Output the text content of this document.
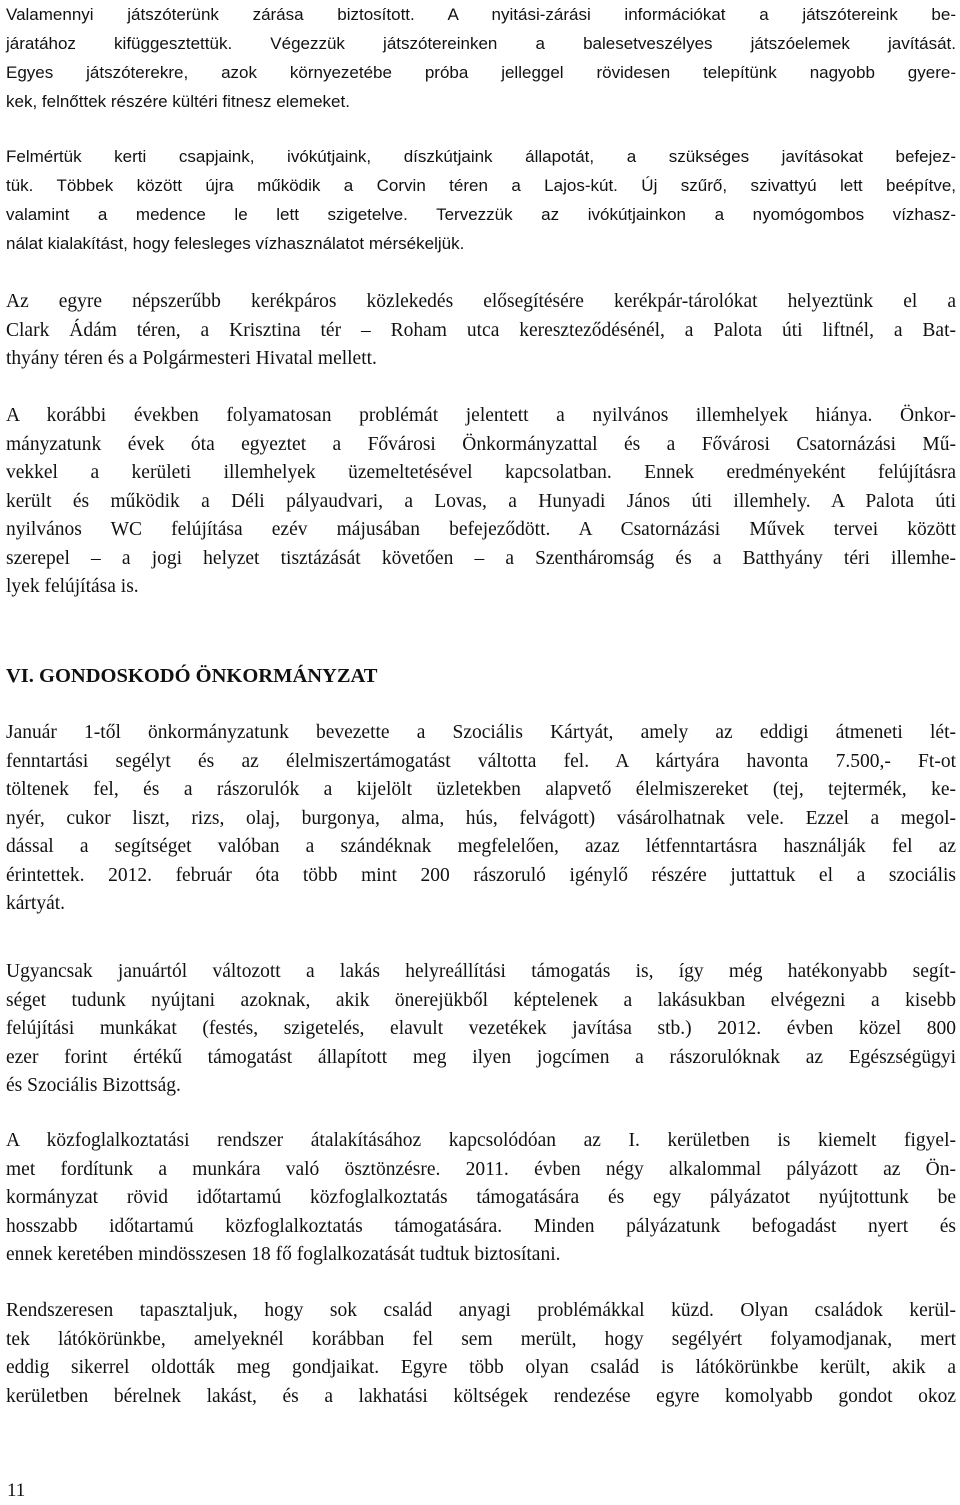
Valamennyi játszóterünk zárása biztosított. A nyitási-zárási információkat a játszótereink be-
járatához kifüggesztettük. Végezzük játszótereinken a balesetveszélyes játszóelemek javítását.
Egyes játszóterekre, azok környezetébe próba jelleggel rövidesen telepítünk nagyobb gyere-
kek, felnőttek részére kültéri fitnesz elemeket.

Felmértük kerti csapjaink, ivókútjaink, díszkútjaink állapotát, a szükséges javításokat befejez-
tük. Többek között újra működik a Corvin téren a Lajos-kút. Új szűrő, szivattyú lett beépítve,
valamint a medence le lett szigetelve. Tervezzük az ivókútjainkon a nyomógombos vízhasz-
nálat kialakítást, hogy felesleges vízhasználatot mérsékeljük.

Az egyre népszerűbb kerékpáros közlekedés elősegítésére kerékpár-tárolókat helyeztünk el a
Clark Ádám téren, a Krisztina tér – Roham utca kereszteződésénél, a Palota úti liftnél, a Bat-
thyány téren és a Polgármesteri Hivatal mellett.

A korábbi években folyamatosan problémát jelentett a nyilvános illemhelyek hiánya. Önkor-
mányzatunk évek óta egyeztet a Fővárosi Önkormányzattal és a Fővárosi Csatornázási Mű-
vekkel a kerületi illemhelyek üzemeltetésével kapcsolatban. Ennek eredményeként felújításra
került és működik a Déli pályaudvari, a Lovas, a Hunyadi János úti illemhely. A Palota úti
nyilvános WC felújítása ezév májusában befejeződött. A Csatornázási Művek tervei között
szerepel – a jogi helyzet tisztázását követően – a Szentháromság és a Batthyány téri illemhe-
lyek felújítása is.

VI. GONDOSKODÓ ÖNKORMÁNYZAT

Január 1-től önkormányzatunk bevezette a Szociális Kártyát, amely az eddigi átmeneti lét-
fenntartási segélyt és az élelmiszertámogatást váltotta fel. A kártyára havonta 7.500,- Ft-ot
töltenek fel, és a rászorulók a kijelölt üzletekben alapvető élelmiszereket (tej, tejtermék, ke-
nyér, cukor liszt, rizs, olaj, burgonya, alma, hús, felvágott) vásárolhatnak vele. Ezzel a megol-
dással a segítséget valóban a szándéknak megfelelően, azaz létfenntartásra használják fel az
érintettek. 2012. február óta több mint 200 rászoruló igénylő részére juttattuk el a szociális
kártyát.

Ugyancsak januártól változott a lakás helyreállítási támogatás is, így még hatékonyabb segít-
séget tudunk nyújtani azoknak, akik önerejükből képtelenek a lakásukban elvégezni a kisebb
felújítási munkákat (festés, szigetelés, elavult vezetékek javítása stb.) 2012. évben közel 800
ezer forint értékű támogatást állapított meg ilyen jogcímen a rászorulóknak az Egészségügyi
és Szociális Bizottság.

A közfoglalkoztatási rendszer átalakításához kapcsolódóan az I. kerületben is kiemelt figyel-
met fordítunk a munkára való ösztönzésre. 2011. évben négy alkalommal pályázott az Ön-
kormányzat rövid időtartamú közfoglalkoztatás támogatására és egy pályázatot nyújtottunk be
hosszabb időtartamú közfoglalkoztatás támogatására. Minden pályázatunk befogadást nyert és
ennek keretében mindösszesen 18 fő foglalkozatását tudtuk biztosítani.

Rendszeresen tapasztaljuk, hogy sok család anyagi problémákkal küzd. Olyan családok kerül-
tek látókörünkbe, amelyeknél korábban fel sem merült, hogy segélyért folyamodjanak, mert
eddig sikerrel oldották meg gondjaikat. Egyre több olyan család is látókörünkbe került, akik a
kerületben bérelnek lakást, és a lakhatási költségek rendezése egyre komolyabb gondot okoz

11
